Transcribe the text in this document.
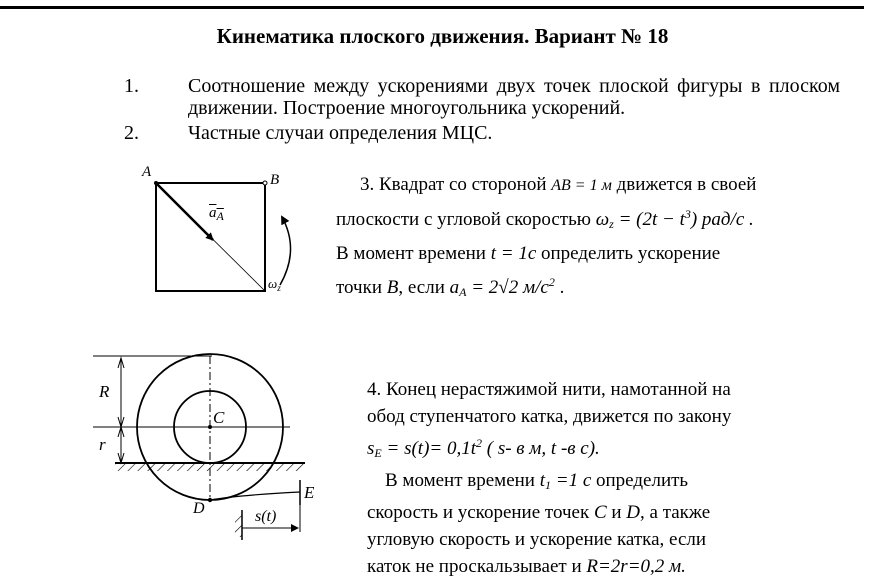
Кинематика плоского движения. Вариант № 18
1. Соотношение между ускорениями двух точек плоской фигуры в плоском движении. Построение многоугольника ускорений.
2. Частные случаи определения МЦС.
A	B
$a_A$
$\omega_z$
3. Квадрат со стороной AB = 1 м движется в своей
плоскости с угловой скоростью $\omega_z = (2t - t^3)$ рад/с .
В момент времени t = 1с определить ускорение
точки B, если $a_A = 2√2$ $м/с^2$ .
R
r
C
D
E
s(t)
4. Конец нерастяжимой нити, намотанной на
обод ступенчатого катка, движется по закону
$s_E = s(t)= 0,1t^2$ ( s- в м, t -в с).
В момент времени $t_1 =1$ с определить
скорость и ускорение точек C и D, а также
угловую скорость и ускорение катка, если
каток не проскальзывает и R=2r=0,2 м.
